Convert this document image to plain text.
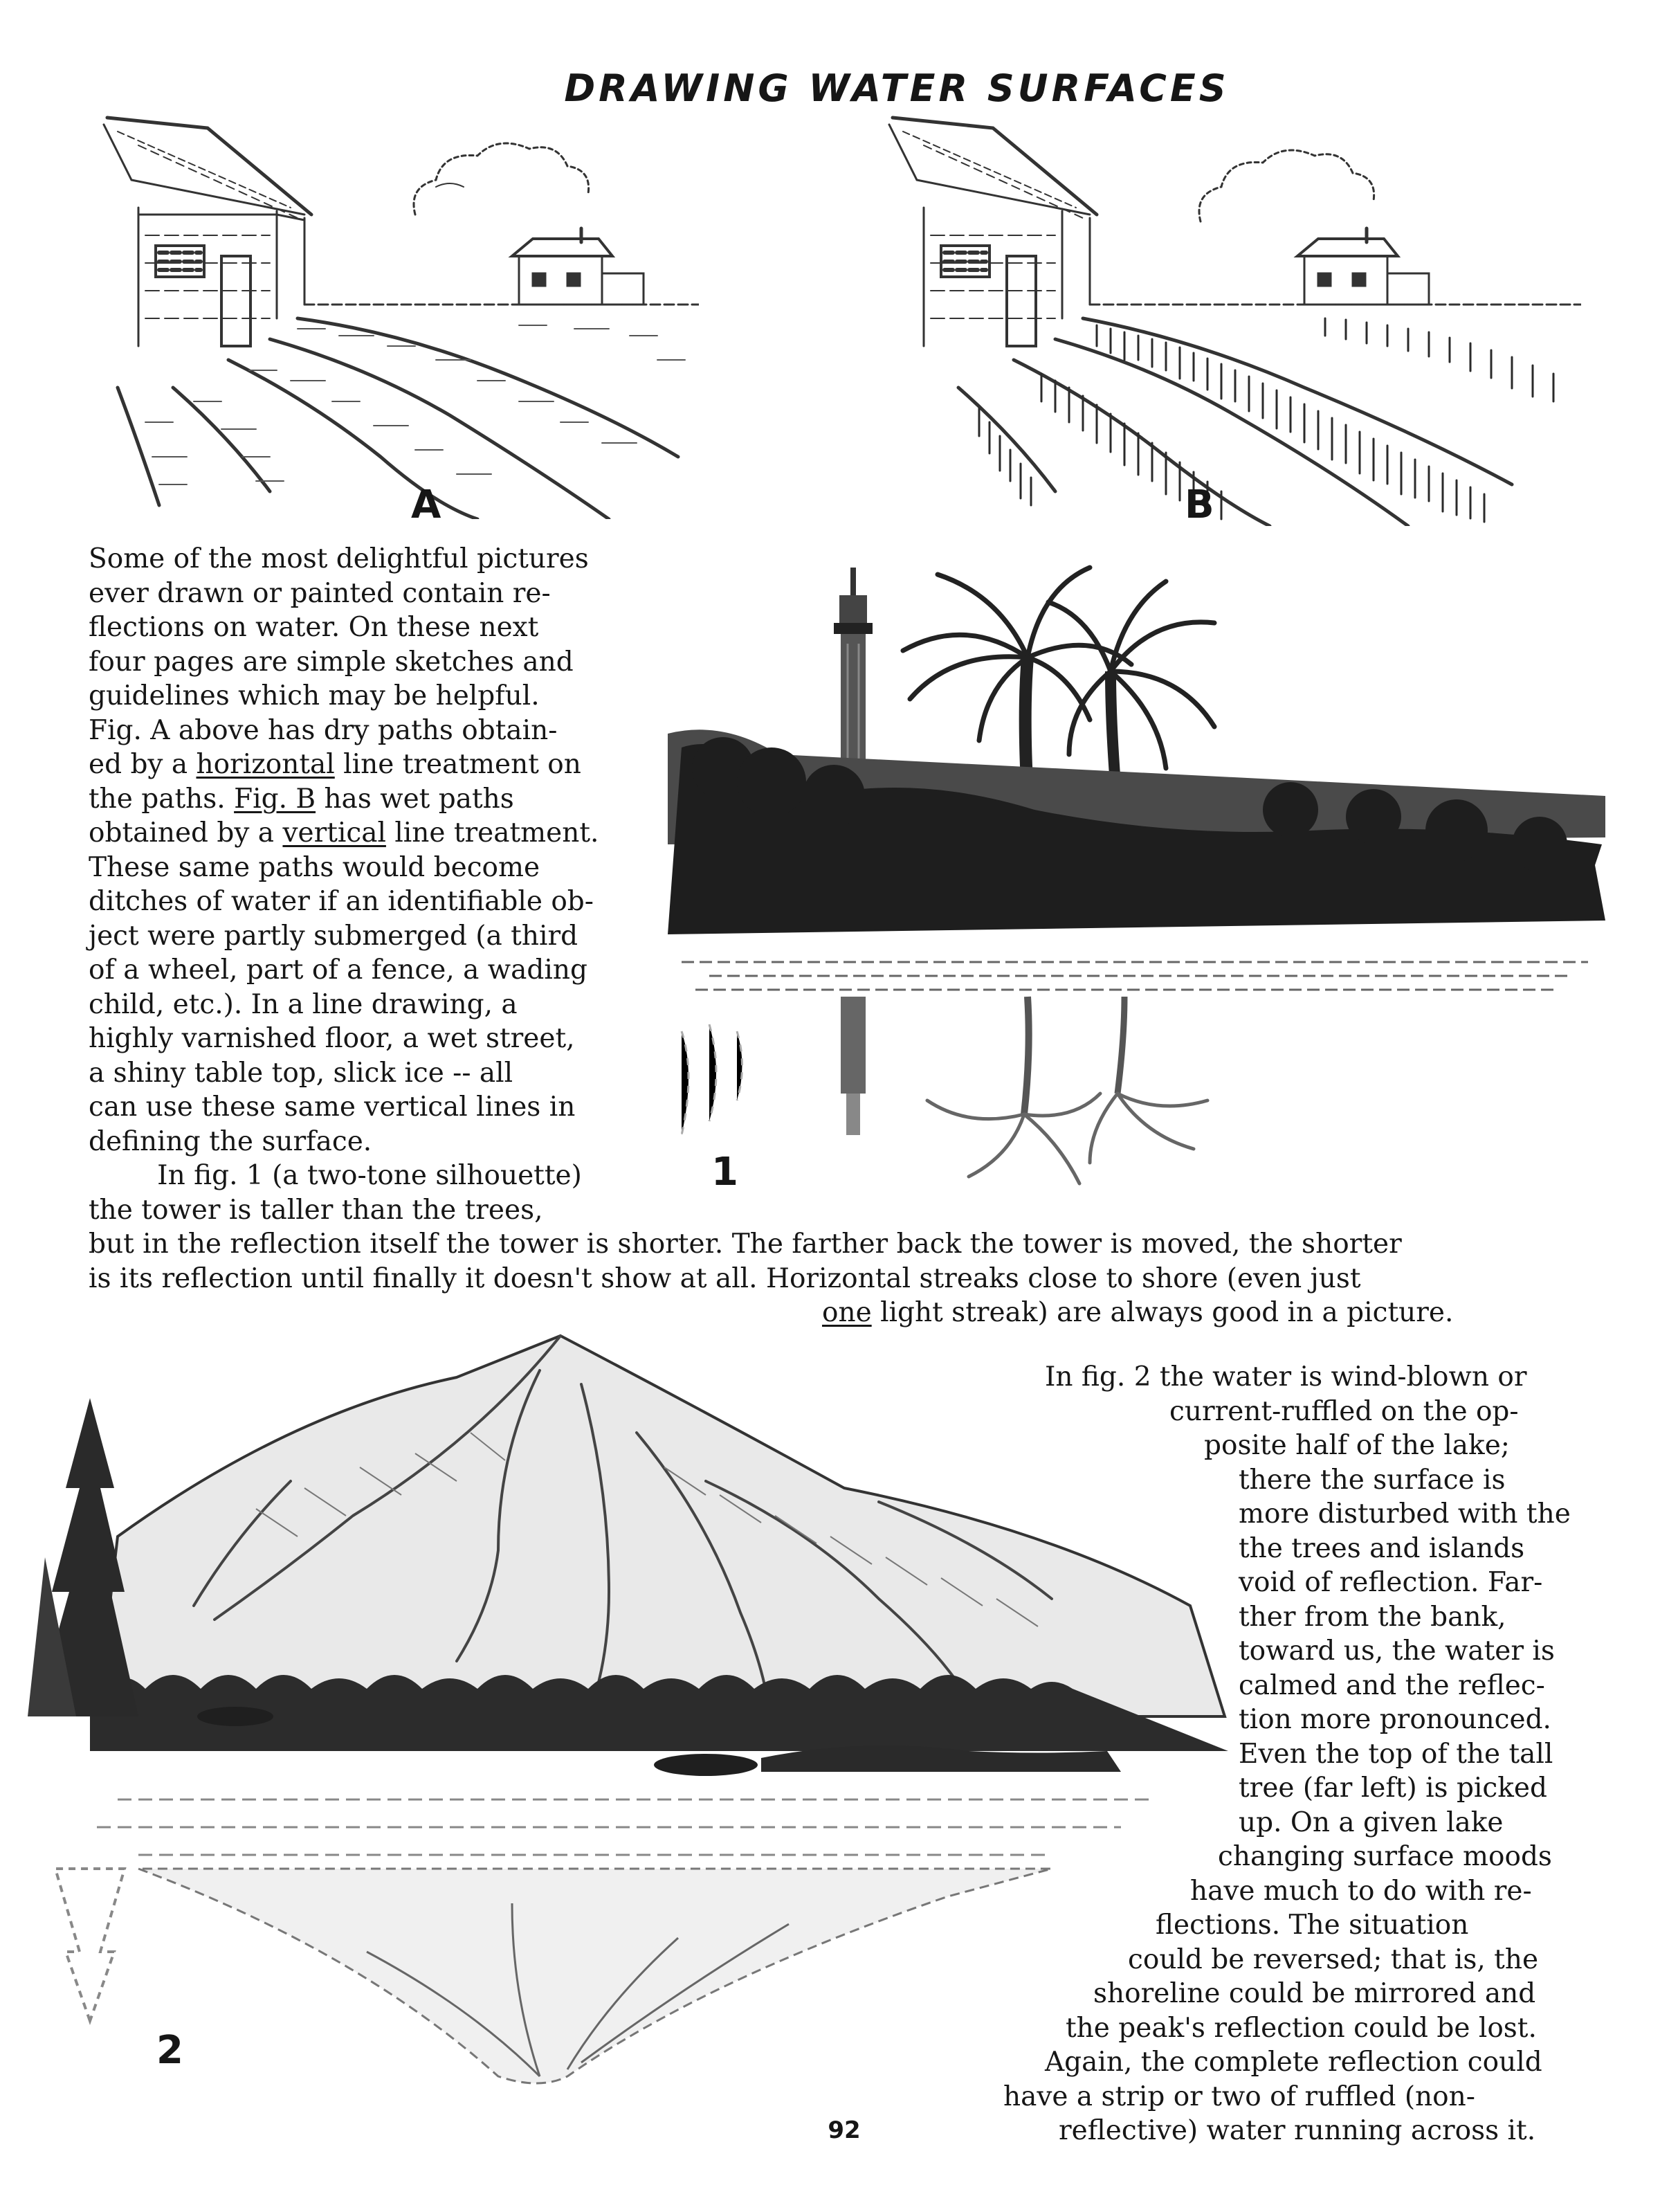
DRAWING WATER SURFACES
A	B
1
Some of the most delightful pictures
ever drawn or painted contain re-
flections on water. On these next
four pages are simple sketches and
guidelines which may be helpful.
Fig. A above has dry paths obtain-
ed by a horizontal line treatment on
the paths. Fig. B has wet paths
obtained by a vertical line treatment.
These same paths would become
ditches of water if an identifiable ob-
ject were partly submerged (a third
of a wheel, part of a fence, a wading
child, etc.). In a line drawing, a
highly varnished floor, a wet street,
a shiny table top, slick ice -- all
can use these same vertical lines in
defining the surface.
In fig. 1 (a two-tone silhouette)
the tower is taller than the trees,
but in the reflection itself the tower is shorter. The farther back the tower is moved, the shorter
is its reflection until finally it doesn't show at all. Horizontal streaks close to shore (even just
one light streak) are always good in a picture.
2
In fig. 2 the water is wind-blown or
current-ruffled on the op-
posite half of the lake;
there the surface is
more disturbed with the
the trees and islands
void of reflection. Far-
ther from the bank,
toward us, the water is
calmed and the reflec-
tion more pronounced.
Even the top of the tall
tree (far left) is picked
up. On a given lake
changing surface moods
have much to do with re-
flections. The situation
could be reversed; that is, the
shoreline could be mirrored and
the peak's reflection could be lost.
Again, the complete reflection could
have a strip or two of ruffled (non-
reflective) water running across it.
92
